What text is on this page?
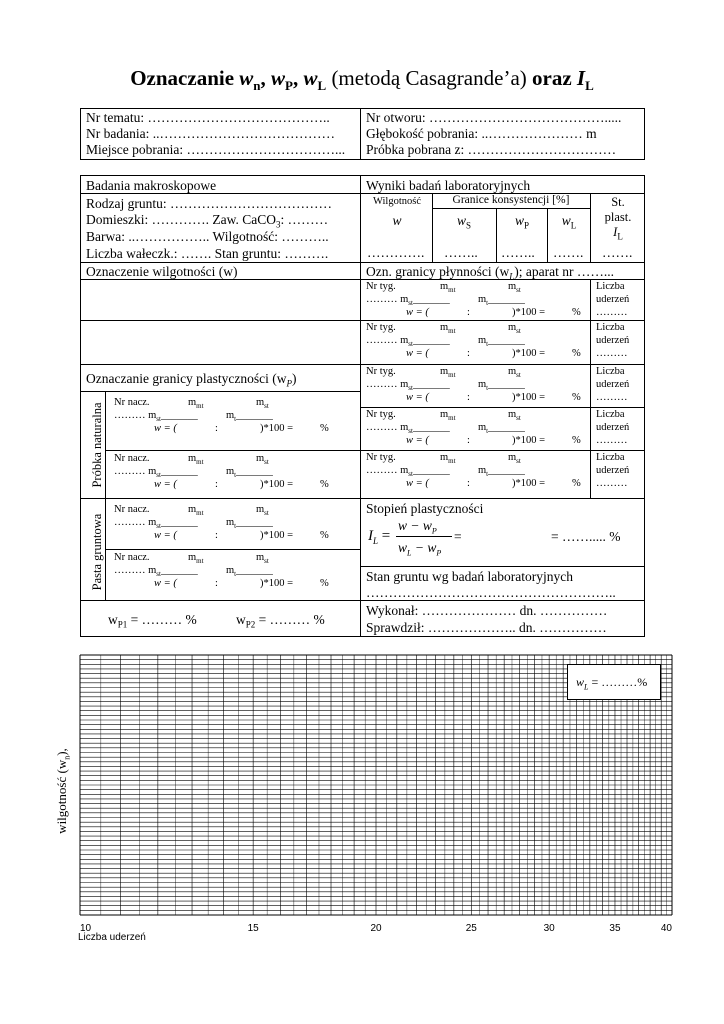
Oznaczanie $w_n$, $w_P$, $w_L$ (metodą Casagrande’a) oraz $I_L$
Nr tematu: …………………………………..
Nr badania: ..…………………………………
Miejsce pobrania: ……………………………...
Nr otworu: ………………………………….....
Głębokość pobrania: ..………………… m
Próbka pobrana z: ……………………………
Badania makroskopowe
Rodzaj gruntu: ………………………………
Domieszki: …………. Zaw. CaCO$_3$: ………
Barwa: ..…………….. Wilgotność: ………..
Liczba wałeczk.: ……. Stan gruntu: ……….
Wyniki badań laboratoryjnych
Wilgotność
w
Granice konsystencji [%]
$w_S$	$w_P$	$w_L$
St.
plast.
$I_L$
…………. …….. …….. ……. …….
Oznaczenie wilgotności (w)	Ozn. granicy płynności $(w_L)$; aparat nr ……...
Oznaczanie granicy plastyczności $(w_P)$
Próbka naturalna
Pasta gruntowa
$w_{P1}$ = ……… %	$w_{P2}$ = ……… %
Stopień plastyczności
$I_L$ =
$w - w_P$
$w_L - w_P$
=	= ……..... %
Stan gruntu wg badań laboratoryjnych
………………………………………………..
Wykonał: ………………… dn. ……………
Sprawdził: ……………….. dn. ……………
Nr tyg.	$m_{mt}$	$m_{st}$
……… $m_{st}\_\_\_\_\_\_\_$	$m_t\_\_\_\_\_\_\_$
w = (	:	)*100 =	%
Liczba
uderzeń
………
Nr tyg.	$m_{mt}$	$m_{st}$
……… $m_{st}\_\_\_\_\_\_\_$	$m_t\_\_\_\_\_\_\_$
w = (	:	)*100 =	%
Liczba
uderzeń
………
Nr tyg.	$m_{mt}$	$m_{st}$
……… $m_{st}\_\_\_\_\_\_\_$	$m_t\_\_\_\_\_\_\_$
w = (	:	)*100 =	%
Liczba
uderzeń
………
Nr tyg.	$m_{mt}$	$m_{st}$
……… $m_{st}\_\_\_\_\_\_\_$	$m_t\_\_\_\_\_\_\_$
w = (	:	)*100 =	%
Liczba
uderzeń
………
Nr tyg.	$m_{mt}$	$m_{st}$
……… $m_{st}\_\_\_\_\_\_\_$	$m_t\_\_\_\_\_\_\_$
w = (	:	)*100 =	%
Liczba
uderzeń
………
Nr nacz.	$m_{mt}$	$m_{st}$
……… $m_{st}\_\_\_\_\_\_\_$	$m_t\_\_\_\_\_\_\_$
w = (	:	)*100 =	%
Nr nacz.	$m_{mt}$	$m_{st}$
……… $m_{st}\_\_\_\_\_\_\_$	$m_t\_\_\_\_\_\_\_$
w = (	:	)*100 =	%
Nr nacz.	$m_{mt}$	$m_{st}$
……… $m_{st}\_\_\_\_\_\_\_$	$m_t\_\_\_\_\_\_\_$
w = (	:	)*100 =	%
Nr nacz.	$m_{mt}$	$m_{st}$
……… $m_{st}\_\_\_\_\_\_\_$	$m_t\_\_\_\_\_\_\_$
w = (	:	)*100 =	%
10	15	20	25	30	35	40
$w_L$ = ………%
Liczba uderzeń
wilgotność $(w_n)$,
